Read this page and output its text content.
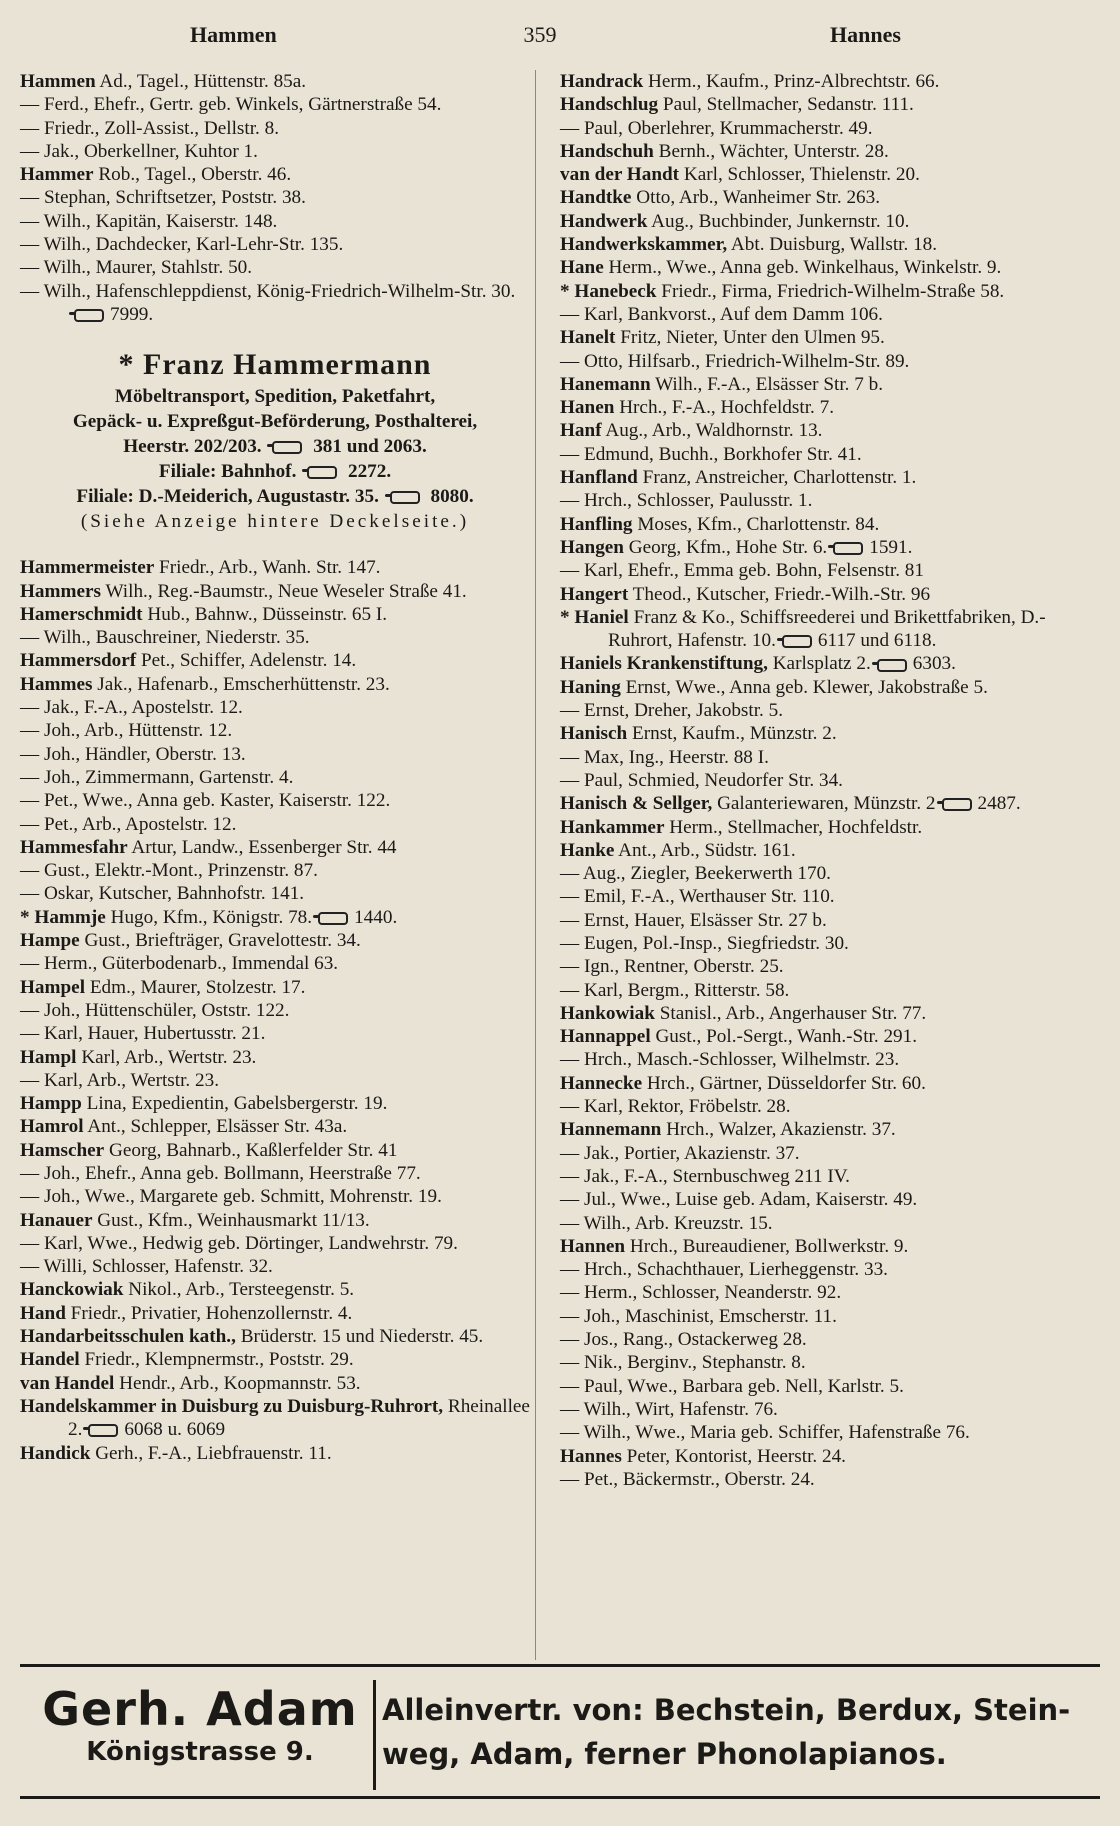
Hammen	359	Hannes

Hammen Ad., Tagel., Hüttenstr. 85a.

— Ferd., Ehefr., Gertr. geb. Winkels, Gärtnerstraße 54.

— Friedr., Zoll-Assist., Dellstr. 8.

— Jak., Oberkellner, Kuhtor 1.

Hammer Rob., Tagel., Oberstr. 46.

— Stephan, Schriftsetzer, Poststr. 38.

— Wilh., Kapitän, Kaiserstr. 148.

— Wilh., Dachdecker, Karl-Lehr-Str. 135.

— Wilh., Maurer, Stahlstr. 50.

— Wilh., Hafenschleppdienst, König-Friedrich-Wilhelm-Str. 30.7999.

* Franz Hammermann
Möbeltransport, Spedition, Paketfahrt,
Gepäck- u. Expreßgut-Beförderung, Posthalterei,
Heerstr. 202/203.	381 und 2063.
Filiale: Bahnhof.	2272.
Filiale: D.-Meiderich, Augustastr. 35.	8080.
(Siehe Anzeige hintere Deckelseite.)

Hammermeister Friedr., Arb., Wanh. Str. 147.

Hammers Wilh., Reg.-Baumstr., Neue Weseler Straße 41.

Hamerschmidt Hub., Bahnw., Düsseinstr. 65 I.

— Wilh., Bauschreiner, Niederstr. 35.

Hammersdorf Pet., Schiffer, Adelenstr. 14.

Hammes Jak., Hafenarb., Emscherhüttenstr. 23.

— Jak., F.-A., Apostelstr. 12.

— Joh., Arb., Hüttenstr. 12.

— Joh., Händler, Oberstr. 13.

— Joh., Zimmermann, Gartenstr. 4.

— Pet., Wwe., Anna geb. Kaster, Kaiserstr. 122.

— Pet., Arb., Apostelstr. 12.

Hammesfahr Artur, Landw., Essenberger Str. 44

— Gust., Elektr.-Mont., Prinzenstr. 87.

— Oskar, Kutscher, Bahnhofstr. 141.

* Hammje Hugo, Kfm., Königstr. 78. 1440.

Hampe Gust., Briefträger, Gravelottestr. 34.

— Herm., Güterbodenarb., Immendal 63.

Hampel Edm., Maurer, Stolzestr. 17.

— Joh., Hüttenschüler, Oststr. 122.

— Karl, Hauer, Hubertusstr. 21.

Hampl Karl, Arb., Wertstr. 23.

— Karl, Arb., Wertstr. 23.

Hampp Lina, Expedientin, Gabelsbergerstr. 19.

Hamrol Ant., Schlepper, Elsässer Str. 43a.

Hamscher Georg, Bahnarb., Kaßlerfelder Str. 41

— Joh., Ehefr., Anna geb. Bollmann, Heerstraße 77.

— Joh., Wwe., Margarete geb. Schmitt, Mohrenstr. 19.

Hanauer Gust., Kfm., Weinhausmarkt 11/13.

— Karl, Wwe., Hedwig geb. Dörtinger, Landwehrstr. 79.

— Willi, Schlosser, Hafenstr. 32.

Hanckowiak Nikol., Arb., Tersteegenstr. 5.

Hand Friedr., Privatier, Hohenzollernstr. 4.

Handarbeitsschulen kath., Brüderstr. 15 und Niederstr. 45.

Handel Friedr., Klempnermstr., Poststr. 29.

van Handel Hendr., Arb., Koopmannstr. 53.

Handelskammer in Duisburg zu Duisburg-Ruhrort, Rheinallee 2. 6068 u. 6069

Handick Gerh., F.-A., Liebfrauenstr. 11.

Handrack Herm., Kaufm., Prinz-Albrechtstr. 66.

Handschlug Paul, Stellmacher, Sedanstr. 111.

— Paul, Oberlehrer, Krummacherstr. 49.

Handschuh Bernh., Wächter, Unterstr. 28.

van der Handt Karl, Schlosser, Thielenstr. 20.

Handtke Otto, Arb., Wanheimer Str. 263.

Handwerk Aug., Buchbinder, Junkernstr. 10.

Handwerkskammer, Abt. Duisburg, Wallstr. 18.

Hane Herm., Wwe., Anna geb. Winkelhaus, Winkelstr. 9.

* Hanebeck Friedr., Firma, Friedrich-Wilhelm-Straße 58.

— Karl, Bankvorst., Auf dem Damm 106.

Hanelt Fritz, Nieter, Unter den Ulmen 95.

— Otto, Hilfsarb., Friedrich-Wilhelm-Str. 89.

Hanemann Wilh., F.-A., Elsässer Str. 7 b.

Hanen Hrch., F.-A., Hochfeldstr. 7.

Hanf Aug., Arb., Waldhornstr. 13.

— Edmund, Buchh., Borkhofer Str. 41.

Hanfland Franz, Anstreicher, Charlottenstr. 1.

— Hrch., Schlosser, Paulusstr. 1.

Hanfling Moses, Kfm., Charlottenstr. 84.

Hangen Georg, Kfm., Hohe Str. 6. 1591.

— Karl, Ehefr., Emma geb. Bohn, Felsenstr. 81

Hangert Theod., Kutscher, Friedr.-Wilh.-Str. 96

* Haniel Franz & Ko., Schiffsreederei und Brikettfabriken, D.-Ruhrort, Hafenstr. 10. 6117 und 6118.

Haniels Krankenstiftung, Karlsplatz 2. 6303.

Haning Ernst, Wwe., Anna geb. Klewer, Jakobstraße 5.

— Ernst, Dreher, Jakobstr. 5.

Hanisch Ernst, Kaufm., Münzstr. 2.

— Max, Ing., Heerstr. 88 I.

— Paul, Schmied, Neudorfer Str. 34.

Hanisch & Sellger, Galanteriewaren, Münzstr. 2 2487.

Hankammer Herm., Stellmacher, Hochfeldstr.

Hanke Ant., Arb., Südstr. 161.

— Aug., Ziegler, Beekerwerth 170.

— Emil, F.-A., Werthauser Str. 110.

— Ernst, Hauer, Elsässer Str. 27 b.

— Eugen, Pol.-Insp., Siegfriedstr. 30.

— Ign., Rentner, Oberstr. 25.

— Karl, Bergm., Ritterstr. 58.

Hankowiak Stanisl., Arb., Angerhauser Str. 77.

Hannappel Gust., Pol.-Sergt., Wanh.-Str. 291.

— Hrch., Masch.-Schlosser, Wilhelmstr. 23.

Hannecke Hrch., Gärtner, Düsseldorfer Str. 60.

— Karl, Rektor, Fröbelstr. 28.

Hannemann Hrch., Walzer, Akazienstr. 37.

— Jak., Portier, Akazienstr. 37.

— Jak., F.-A., Sternbuschweg 211 IV.

— Jul., Wwe., Luise geb. Adam, Kaiserstr. 49.

— Wilh., Arb. Kreuzstr. 15.

Hannen Hrch., Bureaudiener, Bollwerkstr. 9.

— Hrch., Schachthauer, Lierheggenstr. 33.

— Herm., Schlosser, Neanderstr. 92.

— Joh., Maschinist, Emscherstr. 11.

— Jos., Rang., Ostackerweg 28.

— Nik., Berginv., Stephanstr. 8.

— Paul, Wwe., Barbara geb. Nell, Karlstr. 5.

— Wilh., Wirt, Hafenstr. 76.

— Wilh., Wwe., Maria geb. Schiffer, Hafenstraße 76.

Hannes Peter, Kontorist, Heerstr. 24.

— Pet., Bäckermstr., Oberstr. 24.

Gerh. Adam
Königstrasse 9.
Alleinvertr. von: Bechstein, Berdux, Stein-
weg, Adam, ferner Phonolapianos.
